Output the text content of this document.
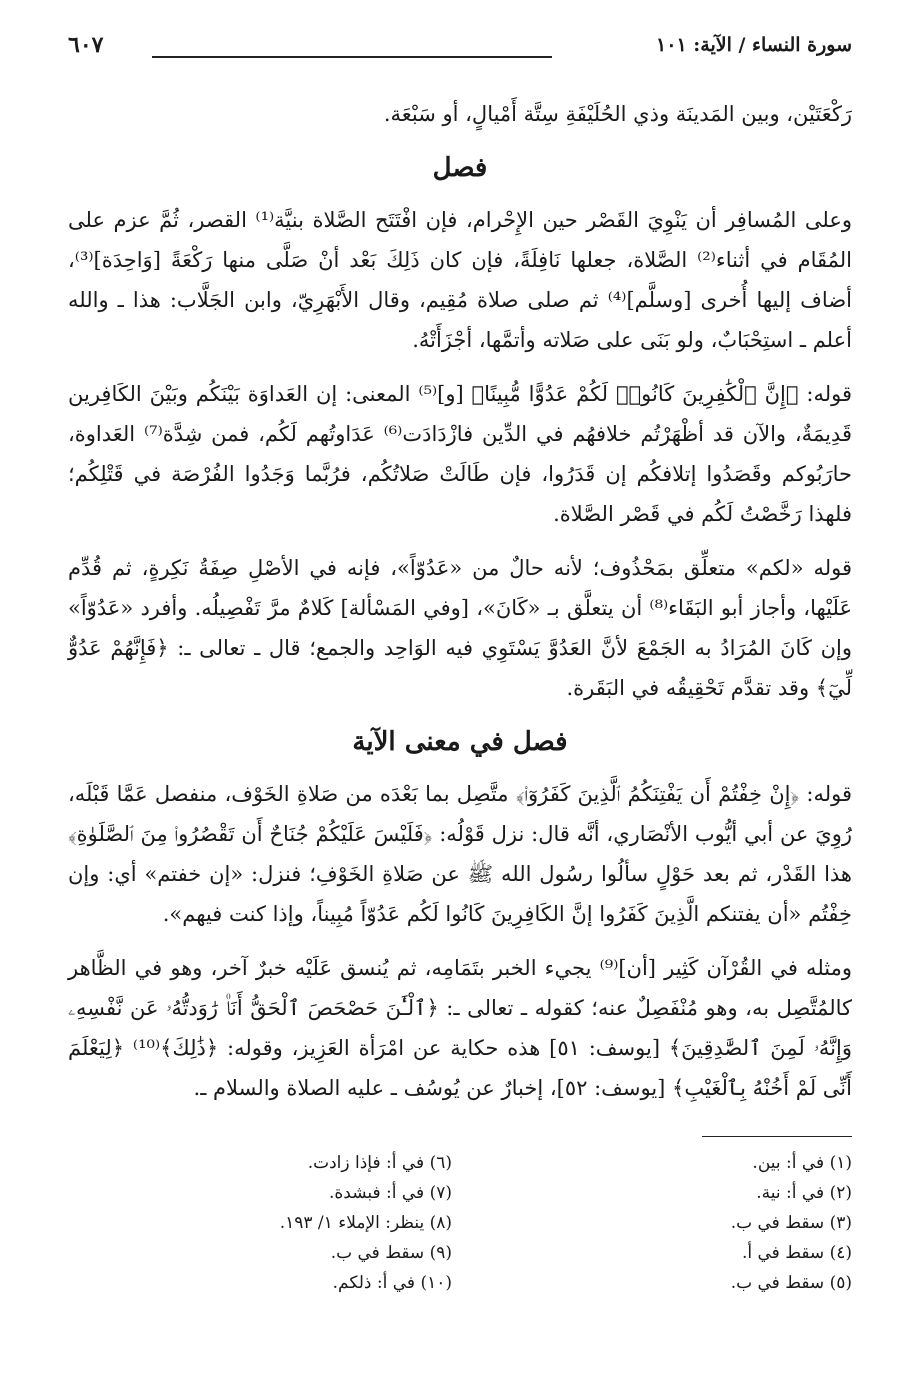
سورة النساء / الآية: ١٠١
٦٠٧

رَكْعَتَيْن، وبين المَدينَة وذي الحُلَيْفَةِ سِتَّة أَمْيالٍ، أو سَبْعَة.

فصل

وعلى المُسافِر أن يَنْوِيَ القَصْر حين الإِحْرام، فإن افْتَتَح الصَّلاة بنيَّة⁽¹⁾ القصر، ثُمَّ عزم على المُقَام في أثناء⁽²⁾ الصَّلاة، جعلها نَافِلَةً، فإن كان ذَلِكَ بَعْد أنْ صَلَّى منها رَكْعَةً [وَاحِدَة]⁽³⁾، أضاف إليها أُخرى [وسلَّم]⁽⁴⁾ ثم صلى صلاة مُقِيم، وقال الأَبْهَرِيّ، وابن الجَلَّاب: هذا ـ والله أعلم ـ استِحْبَابٌ، ولو بَنَى على صَلاته وأتمَّها، أجْزَأَتْهُ.

قوله: ﴿إِنَّ ٱلْكَٰفِرِينَ كَانُوا۟ لَكُمْ عَدُوًّا مُّبِينًا﴾ [و]⁽⁵⁾ المعنى: إن العَداوَة بَيْنَكُم وبَيْنَ الكَافِرين قَدِيمَةٌ، والآن قد أظْهَرْتُم خلافهُم في الدِّين فازْدَادَت⁽⁶⁾ عَدَاوتُهم لَكُم، فمن شِدَّة⁽⁷⁾ العَداوة، حارَبُوكم وقَصَدُوا إتلافكُم إن قَدَرُوا، فإن طَالَتْ صَلاتُكُم، فرُبَّما وَجَدُوا الفُرْصَة في قَتْلِكُم؛ فلهذا رَخَّصْتُ لَكُم في قَصْر الصَّلاة.

قوله «لكم» متعلِّق بمَحْذُوف؛ لأنه حالٌ من «عَدُوّاً»، فإنه في الأصْلِ صِفَةُ نَكِرةٍ، ثم قُدِّم عَلَيْها، وأجاز أبو البَقَاء⁽⁸⁾ أن يتعلَّق بـ «كَانَ»، [وفي المَسْألة] كَلامٌ مرَّ تَفْصِيلُه. وأفرد «عَدُوّاً» وإن كَانَ المُرَادُ به الجَمْعَ لأنَّ العَدُوَّ يَسْتَوِي فيه الوَاحِد والجمع؛ قال ـ تعالى ـ: ﴿فَإِنَّهُمْ عَدُوٌّ لِّيٓ﴾ وقد تقدَّم تَحْقِيقُه في البَقَرة.

فصل في معنى الآية

قوله: ﴿إِنْ خِفْتُمْ أَن يَفْتِنَكُمُ ٱلَّذِينَ كَفَرُوٓا۟﴾ متَّصِل بما بَعْدَه من صَلاةِ الخَوْف، منفصل عَمَّا قَبْلَه، رُوِيَ عن أبي أيُّوب الأنْصَاري، أنَّه قال: نزل قَوْلُه: ﴿فَلَيْسَ عَلَيْكُمْ جُنَاحٌ أَن تَقْصُرُوا۟ مِنَ ٱلصَّلَوٰةِ﴾ هذا القَدْر، ثم بعد حَوْلٍ سألُوا رسُول الله ﷺ عن صَلاةِ الخَوْفِ؛ فنزل: «إن خفتم» أي: وإن خِفْتُم «أن يفتنكم الَّذِينَ كَفَرُوا إنَّ الكَافِرِينَ كَانُوا لَكُم عَدُوّاً مُبِيناً، وإذا كنت فيهم».

ومثله في القُرْآن كَثِير [أن]⁽⁹⁾ يجيء الخبر بتَمَامِه، ثم يُنسق عَلَيْه خبرٌ آخر، وهو في الظَّاهر كالمُتَّصِل به، وهو مُنْفَصِلٌ عنه؛ كقوله ـ تعالى ـ: ﴿ٱلْـَٰٔنَ حَصْحَصَ ٱلْحَقُّ أَنَا۠ رَٰوَدتُّهُۥ عَن نَّفْسِهِۦ وَإِنَّهُۥ لَمِنَ ٱلصَّٰدِقِينَ﴾ [يوسف: ٥١] هذه حكاية عن امْرَأة العَزِيز، وقوله: ﴿ذَٰلِكَ﴾⁽¹⁰⁾ ﴿لِيَعْلَمَ أَنِّى لَمْ أَخُنْهُ بِٱلْغَيْبِ﴾ [يوسف: ٥٢]، إخبارٌ عن يُوسُف ـ عليه الصلاة والسلام ـ.

(١) في أ: بين.
(٢) في أ: نية.
(٣) سقط في ب.
(٤) سقط في أ.
(٥) سقط في ب.
(٦) في أ: فإذا زادت.
(٧) في أ: فبشدة.
(٨) ينظر: الإملاء ١/ ١٩٣.
(٩) سقط في ب.
(١٠) في أ: ذلكم.
